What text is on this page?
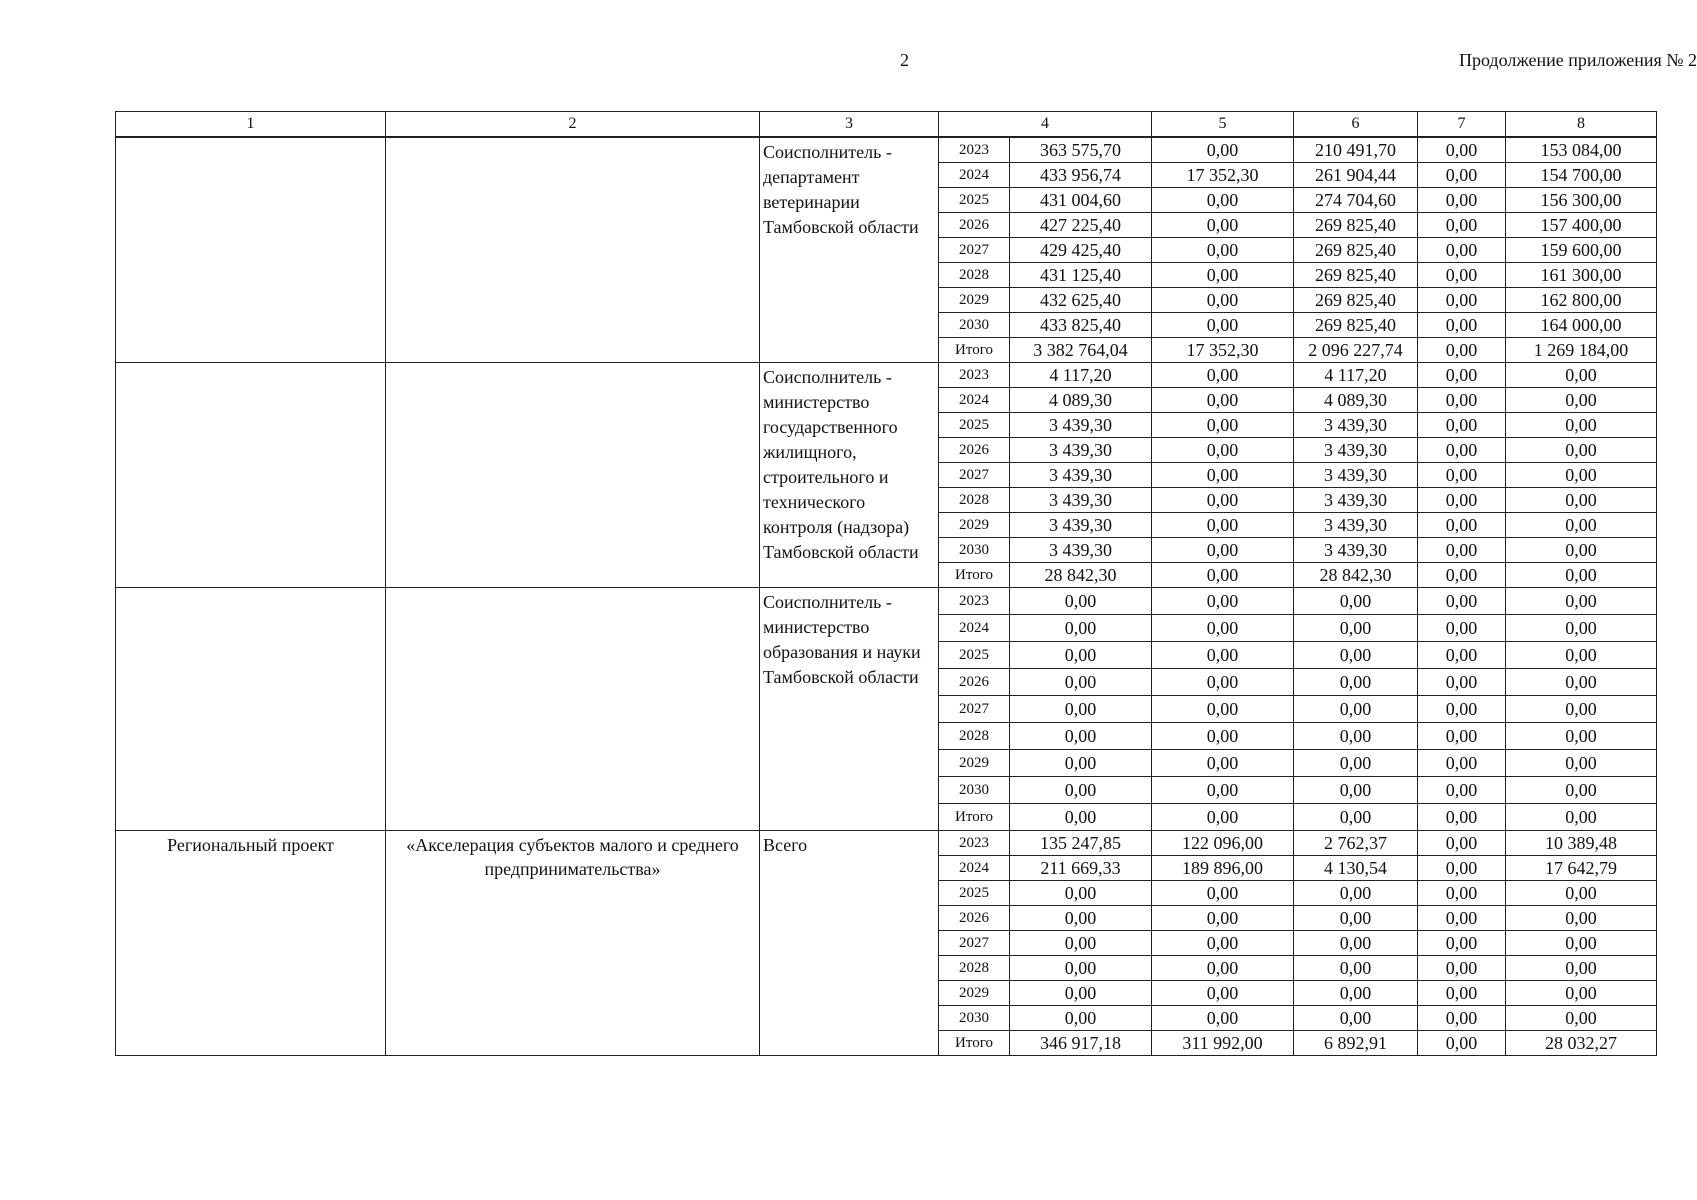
2	Продолжение приложения № 2
1	2	3	4		5	6	7	8
		Соисполнитель - департамент ветеринарии Тамбовской области	2023	363 575,70	0,00	210 491,70	0,00	153 084,00
			2024	433 956,74	17 352,30	261 904,44	0,00	154 700,00
			2025	431 004,60	0,00	274 704,60	0,00	156 300,00
			2026	427 225,40	0,00	269 825,40	0,00	157 400,00
			2027	429 425,40	0,00	269 825,40	0,00	159 600,00
			2028	431 125,40	0,00	269 825,40	0,00	161 300,00
			2029	432 625,40	0,00	269 825,40	0,00	162 800,00
			2030	433 825,40	0,00	269 825,40	0,00	164 000,00
			Итого	3 382 764,04	17 352,30	2 096 227,74	0,00	1 269 184,00
		Соисполнитель - министерство государственного жилищного, строительного и технического контроля (надзора) Тамбовской области	2023	4 117,20	0,00	4 117,20	0,00	0,00
			2024	4 089,30	0,00	4 089,30	0,00	0,00
			2025	3 439,30	0,00	3 439,30	0,00	0,00
			2026	3 439,30	0,00	3 439,30	0,00	0,00
			2027	3 439,30	0,00	3 439,30	0,00	0,00
			2028	3 439,30	0,00	3 439,30	0,00	0,00
			2029	3 439,30	0,00	3 439,30	0,00	0,00
			2030	3 439,30	0,00	3 439,30	0,00	0,00
			Итого	28 842,30	0,00	28 842,30	0,00	0,00
		Соисполнитель - министерство образования и науки Тамбовской области	2023	0,00	0,00	0,00	0,00	0,00
			2024	0,00	0,00	0,00	0,00	0,00
			2025	0,00	0,00	0,00	0,00	0,00
			2026	0,00	0,00	0,00	0,00	0,00
			2027	0,00	0,00	0,00	0,00	0,00
			2028	0,00	0,00	0,00	0,00	0,00
			2029	0,00	0,00	0,00	0,00	0,00
			2030	0,00	0,00	0,00	0,00	0,00
			Итого	0,00	0,00	0,00	0,00	0,00
Региональный проект	«Акселерация субъектов малого и среднего предпринимательства»	Всего	2023	135 247,85	122 096,00	2 762,37	0,00	10 389,48
			2024	211 669,33	189 896,00	4 130,54	0,00	17 642,79
			2025	0,00	0,00	0,00	0,00	0,00
			2026	0,00	0,00	0,00	0,00	0,00
			2027	0,00	0,00	0,00	0,00	0,00
			2028	0,00	0,00	0,00	0,00	0,00
			2029	0,00	0,00	0,00	0,00	0,00
			2030	0,00	0,00	0,00	0,00	0,00
			Итого	346 917,18	311 992,00	6 892,91	0,00	28 032,27
